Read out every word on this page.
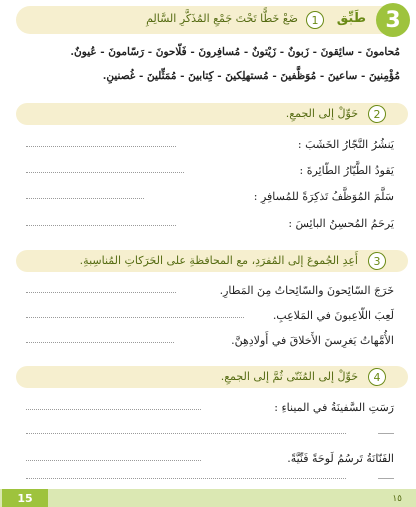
3
طَبِّق
1
ضَعْ خَطًّا تَحْتَ جَمْعِ المُذَكَّرِ السَّالِمِ
مُحامونَ - سائِقونَ - زَبونٌ - زَيْتونٌ - مُسافِرونَ - فَلّاحونَ - رَسّامونَ - عُيونٌ.
مُؤْمِنينَ - ساعينَ - مُوَظَّفينَ - مُستهلِكينَ - كِتابينَ - مُمَثِّلينَ - غُصنينِ.
2
حَوِّلْ إلى الجمعِ.
يَنشُرُ النَّجّارُ الخَشَبَ :
يَقودُ الطَّيّارُ الطّائِرةَ :
سَلَّمَ المُوَظَّفُ تَذكِرَةً للمُسافِرِ :
يَرحَمُ المُحسِنُ البائِسَ :
3
أَعِدِ الجُموعَ إلى المُفرَدِ، مع المحافظةِ على الحَرَكاتِ المُناسِبةِ.
خَرَجَ السّائِحونَ والسّائِحاتُ مِنَ المَطارِ.
لَعِبَ اللّاعِبونَ في المَلاعِبِ.
الأُمَّهاتُ يَغرِسنَ الأَخلاقَ في أَولادِهِنَّ.
4
حَوِّلْ إلى المُثَنّى ثُمَّ إلى الجمعِ.
رَسَتِ السَّفينَةُ في الميناءِ :
الفَنّانَةُ تَرسُمُ لَوحَةً فَنِّيَّةً.
15	١٥
